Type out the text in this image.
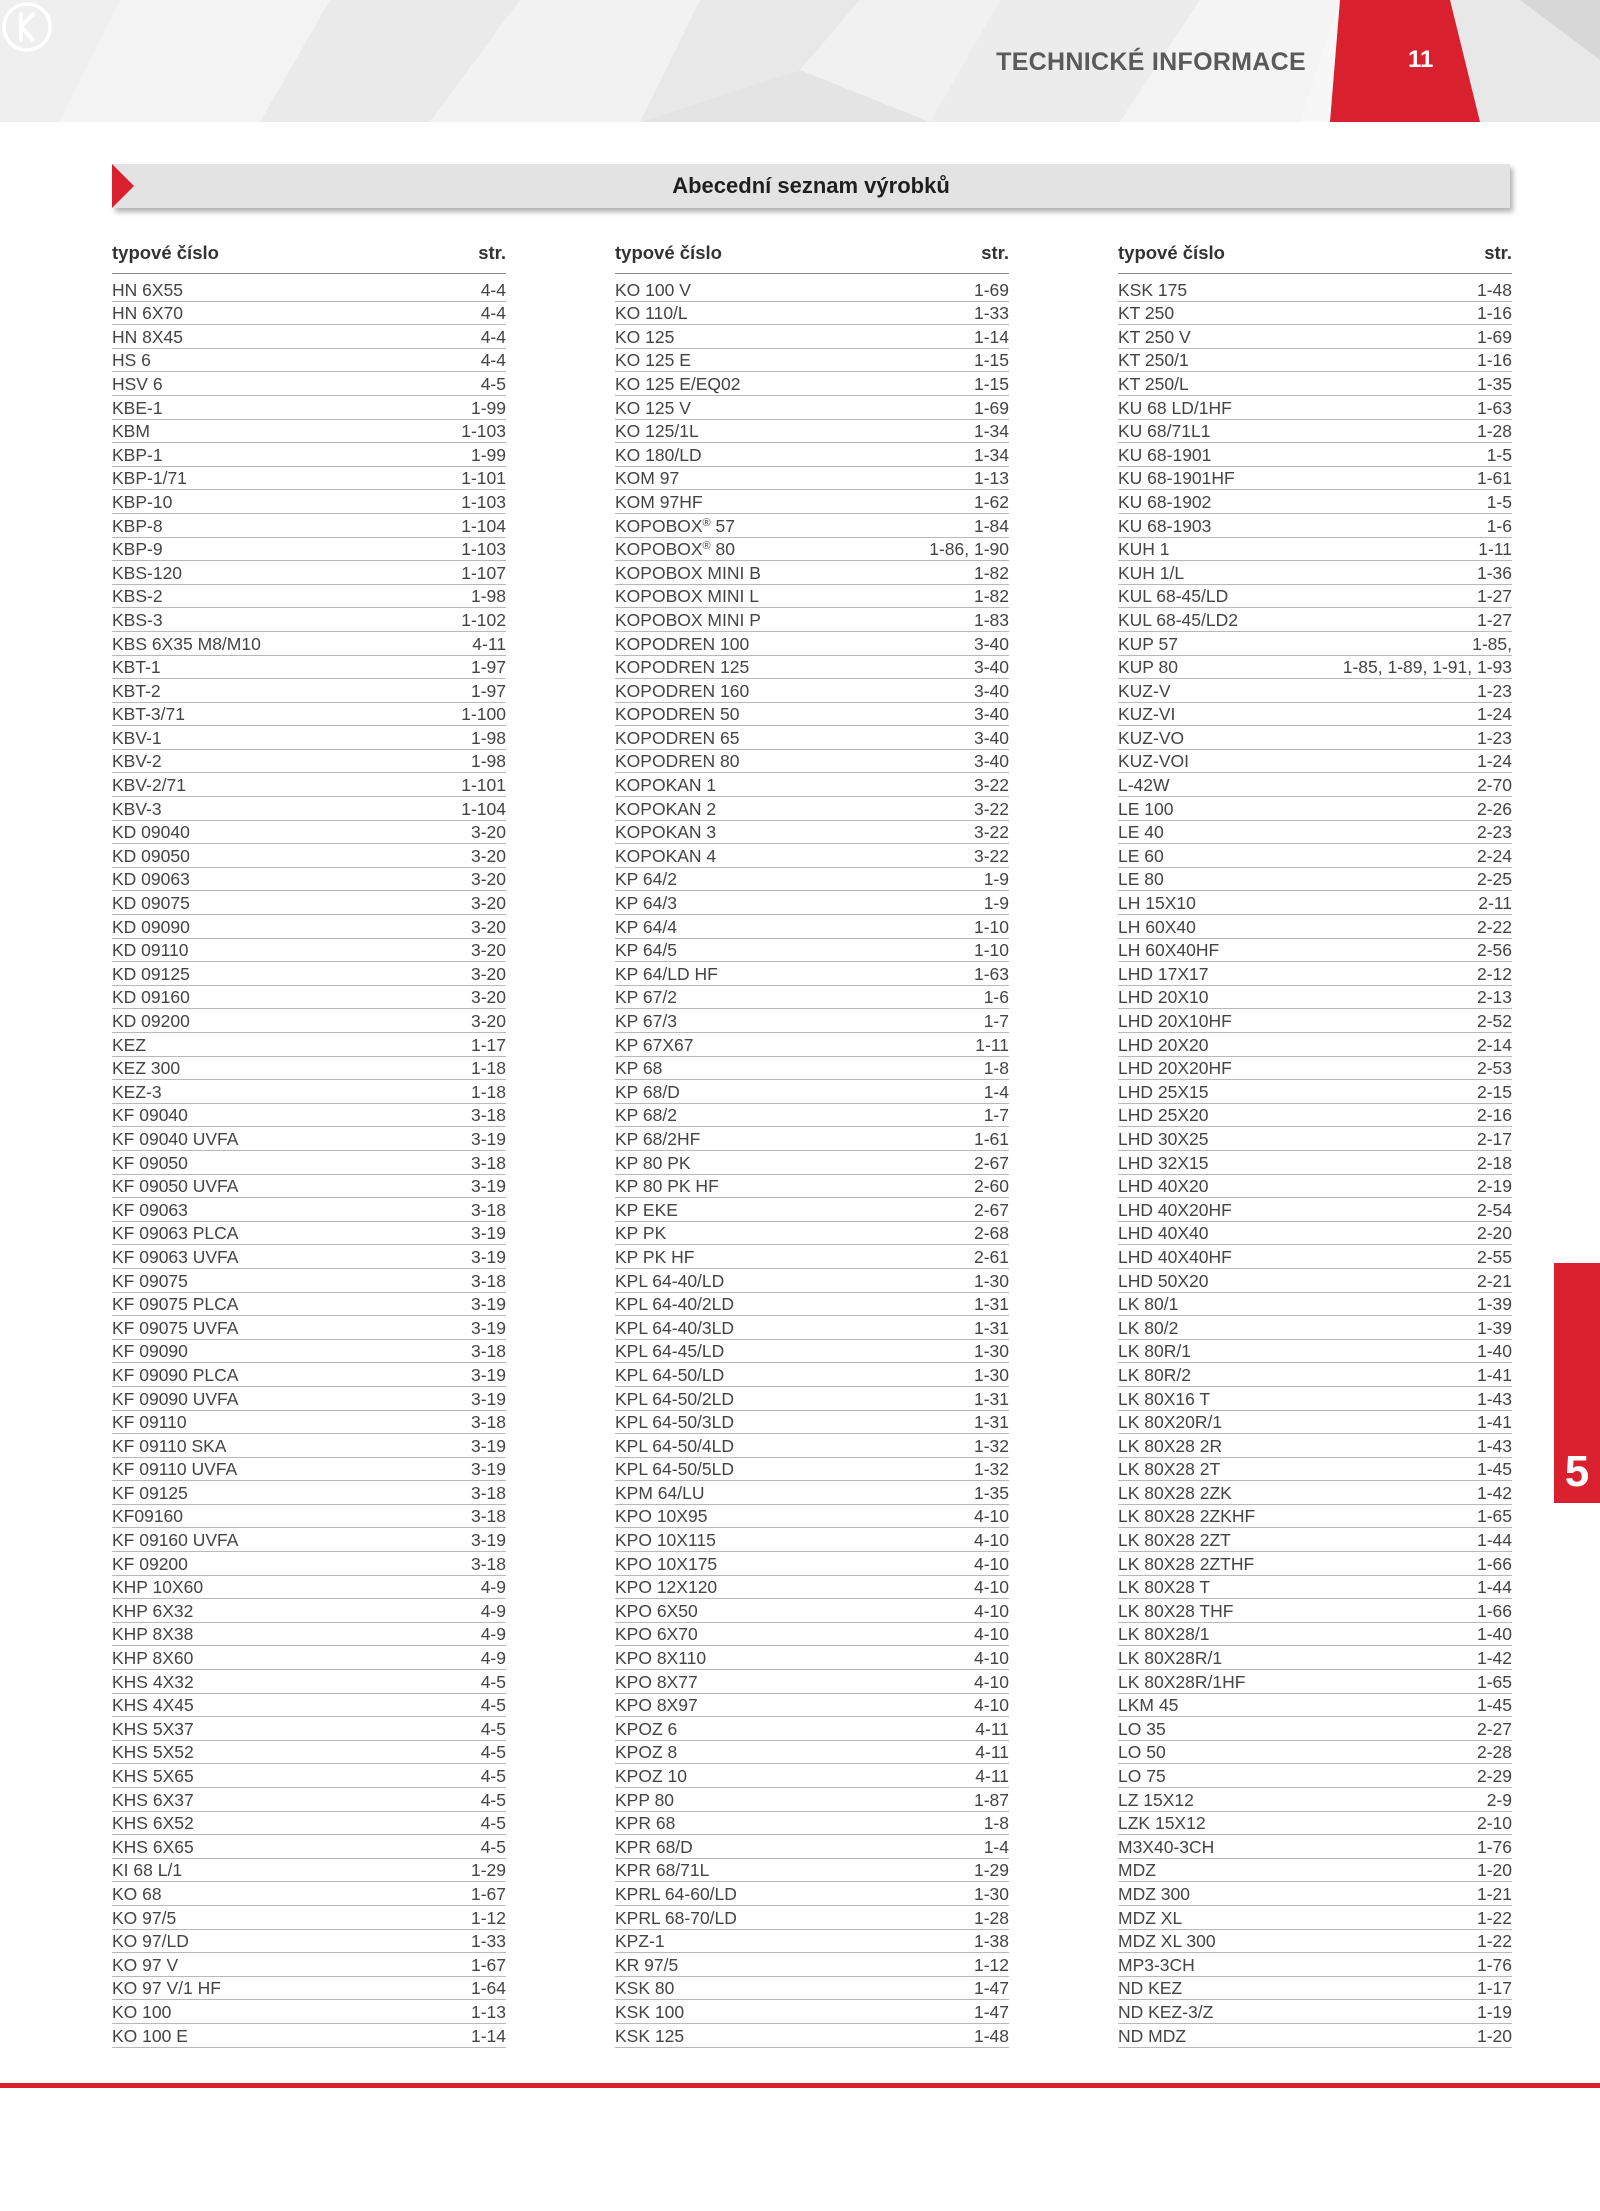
TECHNICKÉ INFORMACE	11
Abecední seznam výrobků
typové číslo	str.
HN 6X55	4-4
HN 6X70	4-4
HN 8X45	4-4
HS 6	4-4
HSV 6	4-5
KBE-1	1-99
KBM	1-103
KBP-1	1-99
KBP-1/71	1-101
KBP-10	1-103
KBP-8	1-104
KBP-9	1-103
KBS-120	1-107
KBS-2	1-98
KBS-3	1-102
KBS 6X35 M8/M10	4-11
KBT-1	1-97
KBT-2	1-97
KBT-3/71	1-100
KBV-1	1-98
KBV-2	1-98
KBV-2/71	1-101
KBV-3	1-104
KD 09040	3-20
KD 09050	3-20
KD 09063	3-20
KD 09075	3-20
KD 09090	3-20
KD 09110	3-20
KD 09125	3-20
KD 09160	3-20
KD 09200	3-20
KEZ	1-17
KEZ 300	1-18
KEZ-3	1-18
KF 09040	3-18
KF 09040 UVFA	3-19
KF 09050	3-18
KF 09050 UVFA	3-19
KF 09063	3-18
KF 09063 PLCA	3-19
KF 09063 UVFA	3-19
KF 09075	3-18
KF 09075 PLCA	3-19
KF 09075 UVFA	3-19
KF 09090	3-18
KF 09090 PLCA	3-19
KF 09090 UVFA	3-19
KF 09110	3-18
KF 09110 SKA	3-19
KF 09110 UVFA	3-19
KF 09125	3-18
KF09160	3-18
KF 09160 UVFA	3-19
KF 09200	3-18
KHP 10X60	4-9
KHP 6X32	4-9
KHP 8X38	4-9
KHP 8X60	4-9
KHS 4X32	4-5
KHS 4X45	4-5
KHS 5X37	4-5
KHS 5X52	4-5
KHS 5X65	4-5
KHS 6X37	4-5
KHS 6X52	4-5
KHS 6X65	4-5
KI 68 L/1	1-29
KO 68	1-67
KO 97/5	1-12
KO 97/LD	1-33
KO 97 V	1-67
KO 97 V/1 HF	1-64
KO 100	1-13
KO 100 E	1-14
typové číslo	str.
KO 100 V	1-69
KO 110/L	1-33
KO 125	1-14
KO 125 E	1-15
KO 125 E/EQ02	1-15
KO 125 V	1-69
KO 125/1L	1-34
KO 180/LD	1-34
KOM 97	1-13
KOM 97HF	1-62
KOPOBOX® 57	1-84
KOPOBOX® 80	1-86, 1-90
KOPOBOX MINI B	1-82
KOPOBOX MINI L	1-82
KOPOBOX MINI P	1-83
KOPODREN 100	3-40
KOPODREN 125	3-40
KOPODREN 160	3-40
KOPODREN 50	3-40
KOPODREN 65	3-40
KOPODREN 80	3-40
KOPOKAN 1	3-22
KOPOKAN 2	3-22
KOPOKAN 3	3-22
KOPOKAN 4	3-22
KP 64/2	1-9
KP 64/3	1-9
KP 64/4	1-10
KP 64/5	1-10
KP 64/LD HF	1-63
KP 67/2	1-6
KP 67/3	1-7
KP 67X67	1-11
KP 68	1-8
KP 68/D	1-4
KP 68/2	1-7
KP 68/2HF	1-61
KP 80 PK	2-67
KP 80 PK HF	2-60
KP EKE	2-67
KP PK	2-68
KP PK HF	2-61
KPL 64-40/LD	1-30
KPL 64-40/2LD	1-31
KPL 64-40/3LD	1-31
KPL 64-45/LD	1-30
KPL 64-50/LD	1-30
KPL 64-50/2LD	1-31
KPL 64-50/3LD	1-31
KPL 64-50/4LD	1-32
KPL 64-50/5LD	1-32
KPM 64/LU	1-35
KPO 10X95	4-10
KPO 10X115	4-10
KPO 10X175	4-10
KPO 12X120	4-10
KPO 6X50	4-10
KPO 6X70	4-10
KPO 8X110	4-10
KPO 8X77	4-10
KPO 8X97	4-10
KPOZ 6	4-11
KPOZ 8	4-11
KPOZ 10	4-11
KPP 80	1-87
KPR 68	1-8
KPR 68/D	1-4
KPR 68/71L	1-29
KPRL 64-60/LD	1-30
KPRL 68-70/LD	1-28
KPZ-1	1-38
KR 97/5	1-12
KSK 80	1-47
KSK 100	1-47
KSK 125	1-48
typové číslo	str.
KSK 175	1-48
KT 250	1-16
KT 250 V	1-69
KT 250/1	1-16
KT 250/L	1-35
KU 68 LD/1HF	1-63
KU 68/71L1	1-28
KU 68-1901	1-5
KU 68-1901HF	1-61
KU 68-1902	1-5
KU 68-1903	1-6
KUH 1	1-11
KUH 1/L	1-36
KUL 68-45/LD	1-27
KUL 68-45/LD2	1-27
KUP 57	1-85,
KUP 80	1-85, 1-89, 1-91, 1-93
KUZ-V	1-23
KUZ-VI	1-24
KUZ-VO	1-23
KUZ-VOI	1-24
L-42W	2-70
LE 100	2-26
LE 40	2-23
LE 60	2-24
LE 80	2-25
LH 15X10	2-11
LH 60X40	2-22
LH 60X40HF	2-56
LHD 17X17	2-12
LHD 20X10	2-13
LHD 20X10HF	2-52
LHD 20X20	2-14
LHD 20X20HF	2-53
LHD 25X15	2-15
LHD 25X20	2-16
LHD 30X25	2-17
LHD 32X15	2-18
LHD 40X20	2-19
LHD 40X20HF	2-54
LHD 40X40	2-20
LHD 40X40HF	2-55
LHD 50X20	2-21
LK 80/1	1-39
LK 80/2	1-39
LK 80R/1	1-40
LK 80R/2	1-41
LK 80X16 T	1-43
LK 80X20R/1	1-41
LK 80X28 2R	1-43
LK 80X28 2T	1-45
LK 80X28 2ZK	1-42
LK 80X28 2ZKHF	1-65
LK 80X28 2ZT	1-44
LK 80X28 2ZTHF	1-66
LK 80X28 T	1-44
LK 80X28 THF	1-66
LK 80X28/1	1-40
LK 80X28R/1	1-42
LK 80X28R/1HF	1-65
LKM 45	1-45
LO 35	2-27
LO 50	2-28
LO 75	2-29
LZ 15X12	2-9
LZK 15X12	2-10
M3X40-3CH	1-76
MDZ	1-20
MDZ 300	1-21
MDZ XL	1-22
MDZ XL 300	1-22
MP3-3CH	1-76
ND KEZ	1-17
ND KEZ-3/Z	1-19
ND MDZ	1-20
5
